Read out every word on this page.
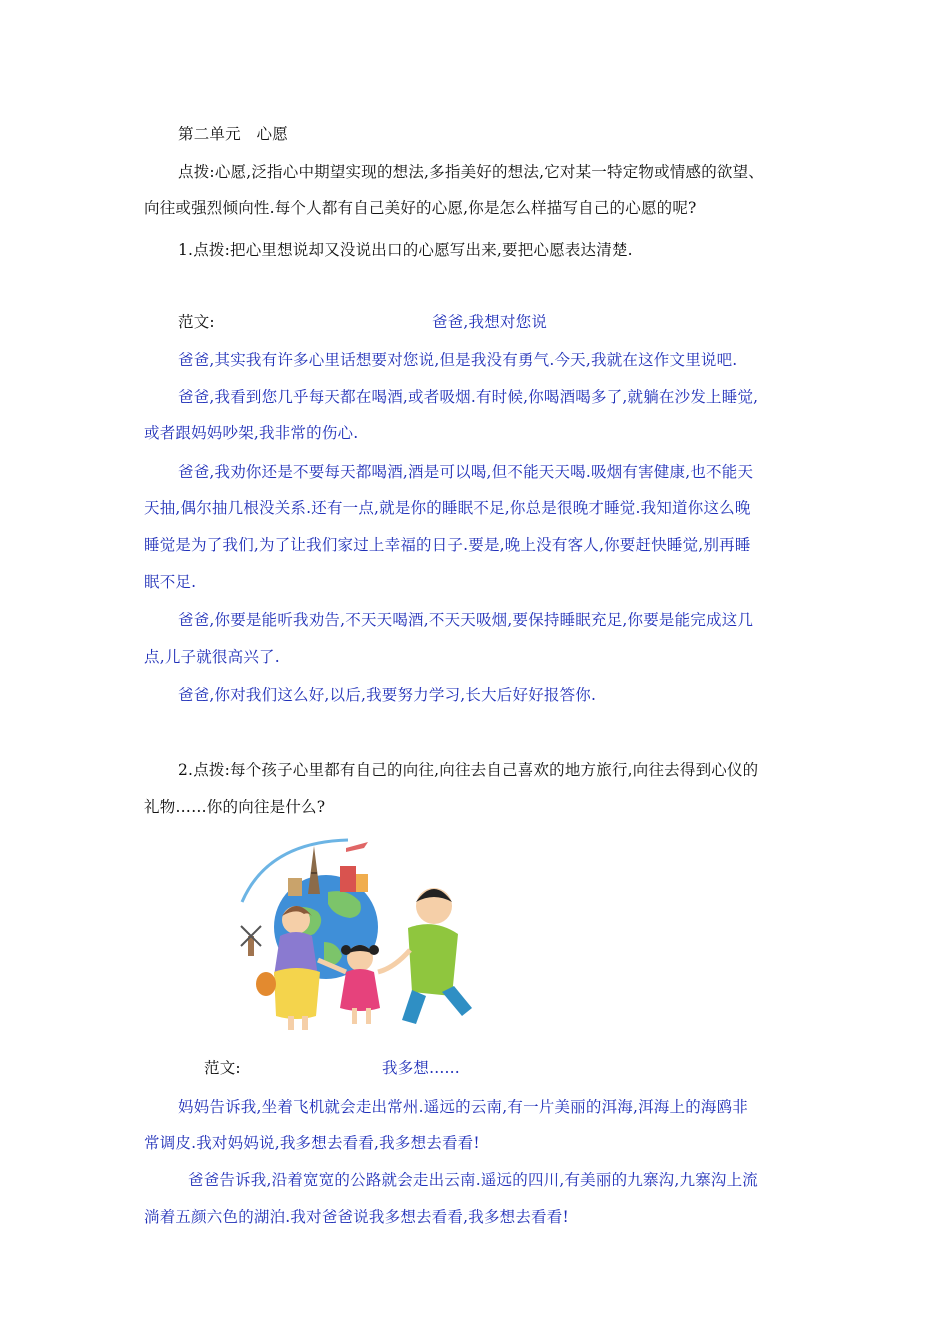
第二单元　心愿
点拨:心愿,泛指心中期望实现的想法,多指美好的想法,它对某一特定物或情感的欲望、
向往或强烈倾向性.每个人都有自己美好的心愿,你是怎么样描写自己的心愿的呢?
1.点拨:把心里想说却又没说出口的心愿写出来,要把心愿表达清楚.
范文:	爸爸,我想对您说
爸爸,其实我有许多心里话想要对您说,但是我没有勇气.今天,我就在这作文里说吧.
爸爸,我看到您几乎每天都在喝酒,或者吸烟.有时候,你喝酒喝多了,就躺在沙发上睡觉,
或者跟妈妈吵架,我非常的伤心.
爸爸,我劝你还是不要每天都喝酒,酒是可以喝,但不能天天喝.吸烟有害健康,也不能天
天抽,偶尔抽几根没关系.还有一点,就是你的睡眠不足,你总是很晚才睡觉.我知道你这么晚
睡觉是为了我们,为了让我们家过上幸福的日子.要是,晚上没有客人,你要赶快睡觉,别再睡
眠不足.
爸爸,你要是能听我劝告,不天天喝酒,不天天吸烟,要保持睡眠充足,你要是能完成这几
点,儿子就很高兴了.
爸爸,你对我们这么好,以后,我要努力学习,长大后好好报答你.
2.点拨:每个孩子心里都有自己的向往,向往去自己喜欢的地方旅行,向往去得到心仪的
礼物……你的向往是什么?
范文:	我多想......
妈妈告诉我,坐着飞机就会走出常州.遥远的云南,有一片美丽的洱海,洱海上的海鸥非
常调皮.我对妈妈说,我多想去看看,我多想去看看!
爸爸告诉我,沿着宽宽的公路就会走出云南.遥远的四川,有美丽的九寨沟,九寨沟上流
淌着五颜六色的湖泊.我对爸爸说我多想去看看,我多想去看看!
